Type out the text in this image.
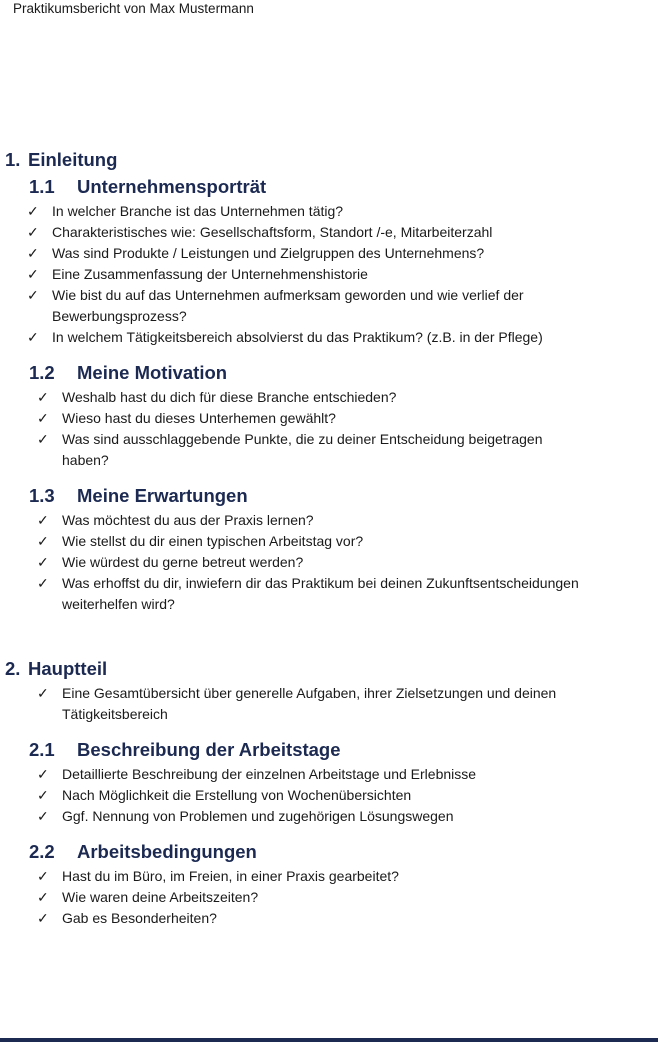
Praktikumsbericht von Max Mustermann
1. Einleitung
1.1	Unternehmensporträt
✓ In welcher Branche ist das Unternehmen tätig?
✓ Charakteristisches wie: Gesellschaftsform, Standort /-e, Mitarbeiterzahl
✓ Was sind Produkte / Leistungen und Zielgruppen des Unternehmens?
✓ Eine Zusammenfassung der Unternehmenshistorie
✓ Wie bist du auf das Unternehmen aufmerksam geworden und wie verlief der Bewerbungsprozess?
✓ In welchem Tätigkeitsbereich absolvierst du das Praktikum? (z.B. in der Pflege)
1.2	Meine Motivation
✓ Weshalb hast du dich für diese Branche entschieden?
✓ Wieso hast du dieses Unterhemen gewählt?
✓ Was sind ausschlaggebende Punkte, die zu deiner Entscheidung beigetragen haben?
1.3	Meine Erwartungen
✓ Was möchtest du aus der Praxis lernen?
✓ Wie stellst du dir einen typischen Arbeitstag vor?
✓ Wie würdest du gerne betreut werden?
✓ Was erhoffst du dir, inwiefern dir das Praktikum bei deinen Zukunftsentscheidungen weiterhelfen wird?
2. Hauptteil
✓ Eine Gesamtübersicht über generelle Aufgaben, ihrer Zielsetzungen und deinen Tätigkeitsbereich
2.1	Beschreibung der Arbeitstage
✓ Detaillierte Beschreibung der einzelnen Arbeitstage und Erlebnisse
✓ Nach Möglichkeit die Erstellung von Wochenübersichten
✓ Ggf. Nennung von Problemen und zugehörigen Lösungswegen
2.2	Arbeitsbedingungen
✓ Hast du im Büro, im Freien, in einer Praxis gearbeitet?
✓ Wie waren deine Arbeitszeiten?
✓ Gab es Besonderheiten?
